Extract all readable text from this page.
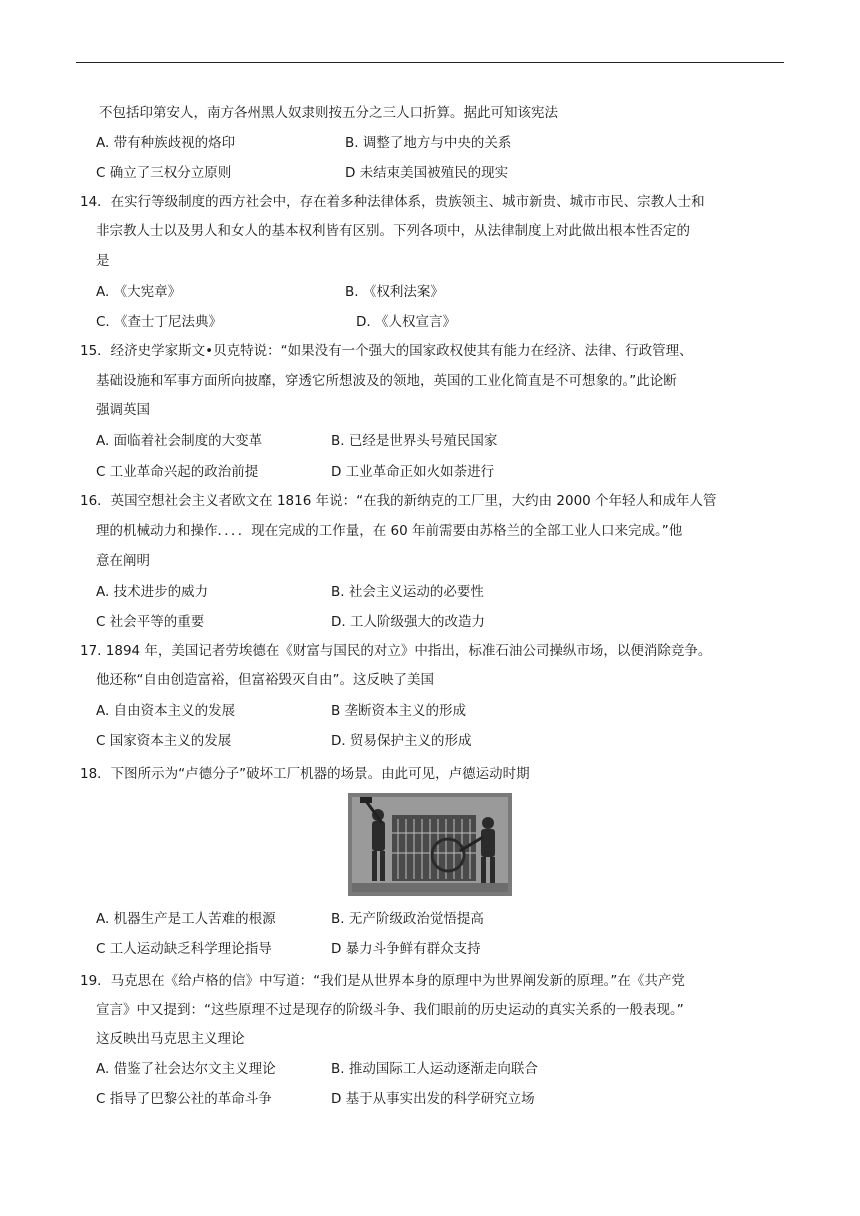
不包括印第安人，南方各州黑人奴隶则按五分之三人口折算。据此可知该宪法
A. 带有种族歧视的烙印	B. 调整了地方与中央的关系
C 确立了三权分立原则	D 未结束美国被殖民的现实
14．在实行等级制度的西方社会中，存在着多种法律体系，贵族领主、城市新贵、城市市民、宗教人士和
非宗教人士以及男人和女人的基本权利皆有区别。下列各项中，从法律制度上对此做出根本性否定的
是
A. 《大宪章》	B. 《权利法案》
C. 《查士丁尼法典》	D. 《人权宣言》
15．经济史学家斯文•贝克特说：“如果没有一个强大的国家政权使其有能力在经济、法律、行政管理、
基础设施和军事方面所向披靡，穿透它所想波及的领地，英国的工业化简直是不可想象的。”此论断
强调英国
A. 面临着社会制度的大变革	B. 已经是世界头号殖民国家
C 工业革命兴起的政治前提	D 工业革命正如火如荼进行
16．英国空想社会主义者欧文在 1816 年说：“在我的新纳克的工厂里，大约由 2000 个年轻人和成年人管
理的机械动力和操作．．．．现在完成的工作量，在 60 年前需要由苏格兰的全部工业人口来完成。”他
意在阐明
A. 技术进步的威力	B. 社会主义运动的必要性
C 社会平等的重要	D. 工人阶级强大的改造力
17. 1894 年，美国记者劳埃德在《财富与国民的对立》中指出，标准石油公司操纵市场，以便消除竞争。
他还称“自由创造富裕，但富裕毁灭自由”。这反映了美国
A. 自由资本主义的发展	B 垄断资本主义的形成
C 国家资本主义的发展	D. 贸易保护主义的形成
18．下图所示为“卢德分子”破坏工厂机器的场景。由此可见，卢德运动时期
A. 机器生产是工人苦难的根源	B. 无产阶级政治觉悟提高
C 工人运动缺乏科学理论指导	D 暴力斗争鲜有群众支持
19．马克思在《给卢格的信》中写道：“我们是从世界本身的原理中为世界阐发新的原理。”在《共产党
宣言》中又提到：“这些原理不过是现存的阶级斗争、我们眼前的历史运动的真实关系的一般表现。”
这反映出马克思主义理论
A. 借鉴了社会达尔文主义理论	B. 推动国际工人运动逐渐走向联合
C 指导了巴黎公社的革命斗争	D 基于从事实出发的科学研究立场
